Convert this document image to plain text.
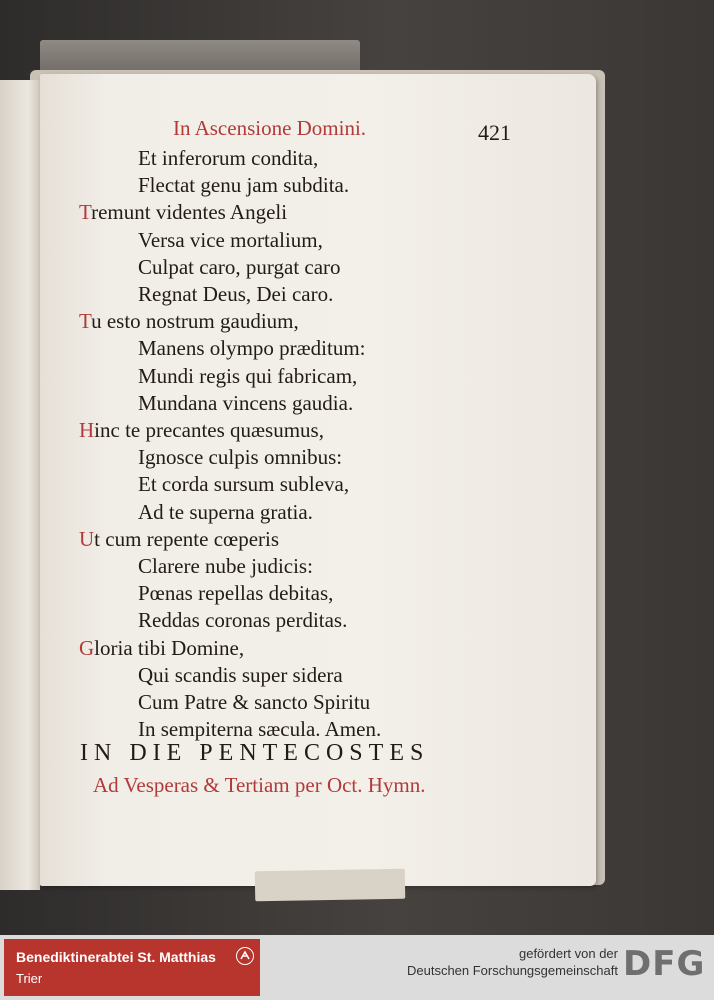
In Ascensione Domini.	421
Et inferorum condita,
Flectat genu jam subdita.
Tremunt videntes Angeli
Versa vice mortalium,
Culpat caro, purgat caro
Regnat Deus, Dei caro.
Tu esto nostrum gaudium,
Manens olympo præditum:
Mundi regis qui fabricam,
Mundana vincens gaudia.
Hinc te precantes quæsumus,
Ignosce culpis omnibus:
Et corda sursum subleva,
Ad te superna gratia.
Ut cum repente cœperis
Clarere nube judicis:
Pœnas repellas debitas,
Reddas coronas perditas.
Gloria tibi Domine,
Qui scandis super sidera
Cum Patre & sancto Spiritu
In sempiterna sæcula. Amen.
IN DIE PENTECOSTES
Ad Vesperas & Tertiam per Oct. Hymn.
Benediktinerabtei St. Matthias
Trier
gefördert von der
Deutschen Forschungsgemeinschaft DFG
